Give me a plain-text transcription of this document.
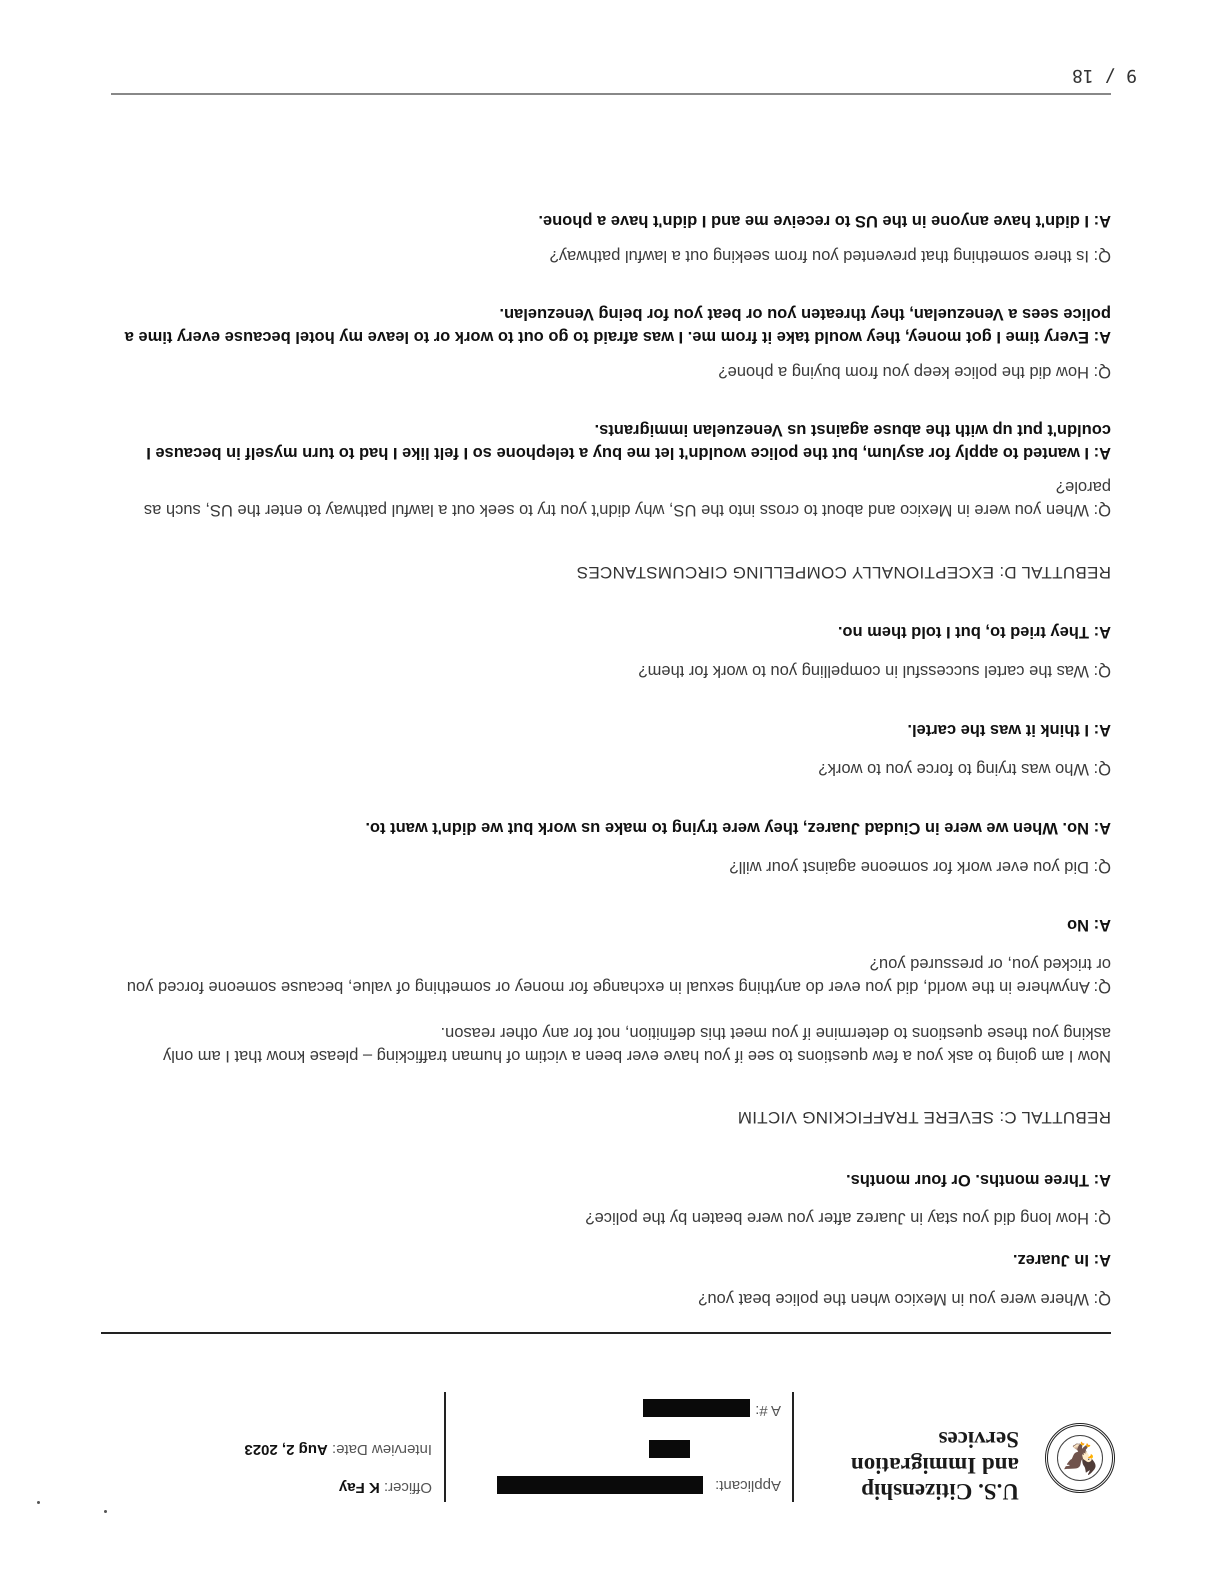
🦅
U.S. Citizenship
and Immigration
Services
Applicant:
A #:
Officer: K Fay
Interview Date: Aug 2, 2023

Q: Where were you in Mexico when the police beat you?

A: In Juarez.

Q: How long did you stay in Juarez after you were beaten by the police?

A: Three months. Or four months.

REBUTTAL C: SEVERE TRAFFICKING VICTIM

Now I am going to ask you a few questions to see if you have ever been a victim of human trafficking – please know that I am only asking you these questions to determine if you meet this definition, not for any other reason.

Q: Anywhere in the world, did you ever do anything sexual in exchange for money or something of value, because someone forced you or tricked you, or pressured you?

A: No

Q: Did you ever work for someone against your will?

A: No. When we were in Ciudad Juarez, they were trying to make us work but we didn't want to.

Q: Who was trying to force you to work?

A: I think it was the cartel.

Q: Was the cartel successful in compelling you to work for them?

A: They tried to, but I told them no.

REBUTTAL D: EXCEPTIONALLY COMPELLING CIRCUMSTANCES

Q: When you were in Mexico and about to cross into the US, why didn't you try to seek out a lawful pathway to enter the US, such as parole?

A: I wanted to apply for asylum, but the police wouldn't let me buy a telephone so I felt like I had to turn myself in because I couldn't put up with the abuse against us Venezuelan immigrants.

Q: How did the police keep you from buying a phone?

A: Every time I got money, they would take it from me. I was afraid to go out to work or to leave my hotel because every time a police sees a Venezuelan, they threaten you or beat you for being Venezuelan.

Q: Is there something that prevented you from seeking out a lawful pathway?

A: I didn't have anyone in the US to receive me and I didn't have a phone.

9 / 18
